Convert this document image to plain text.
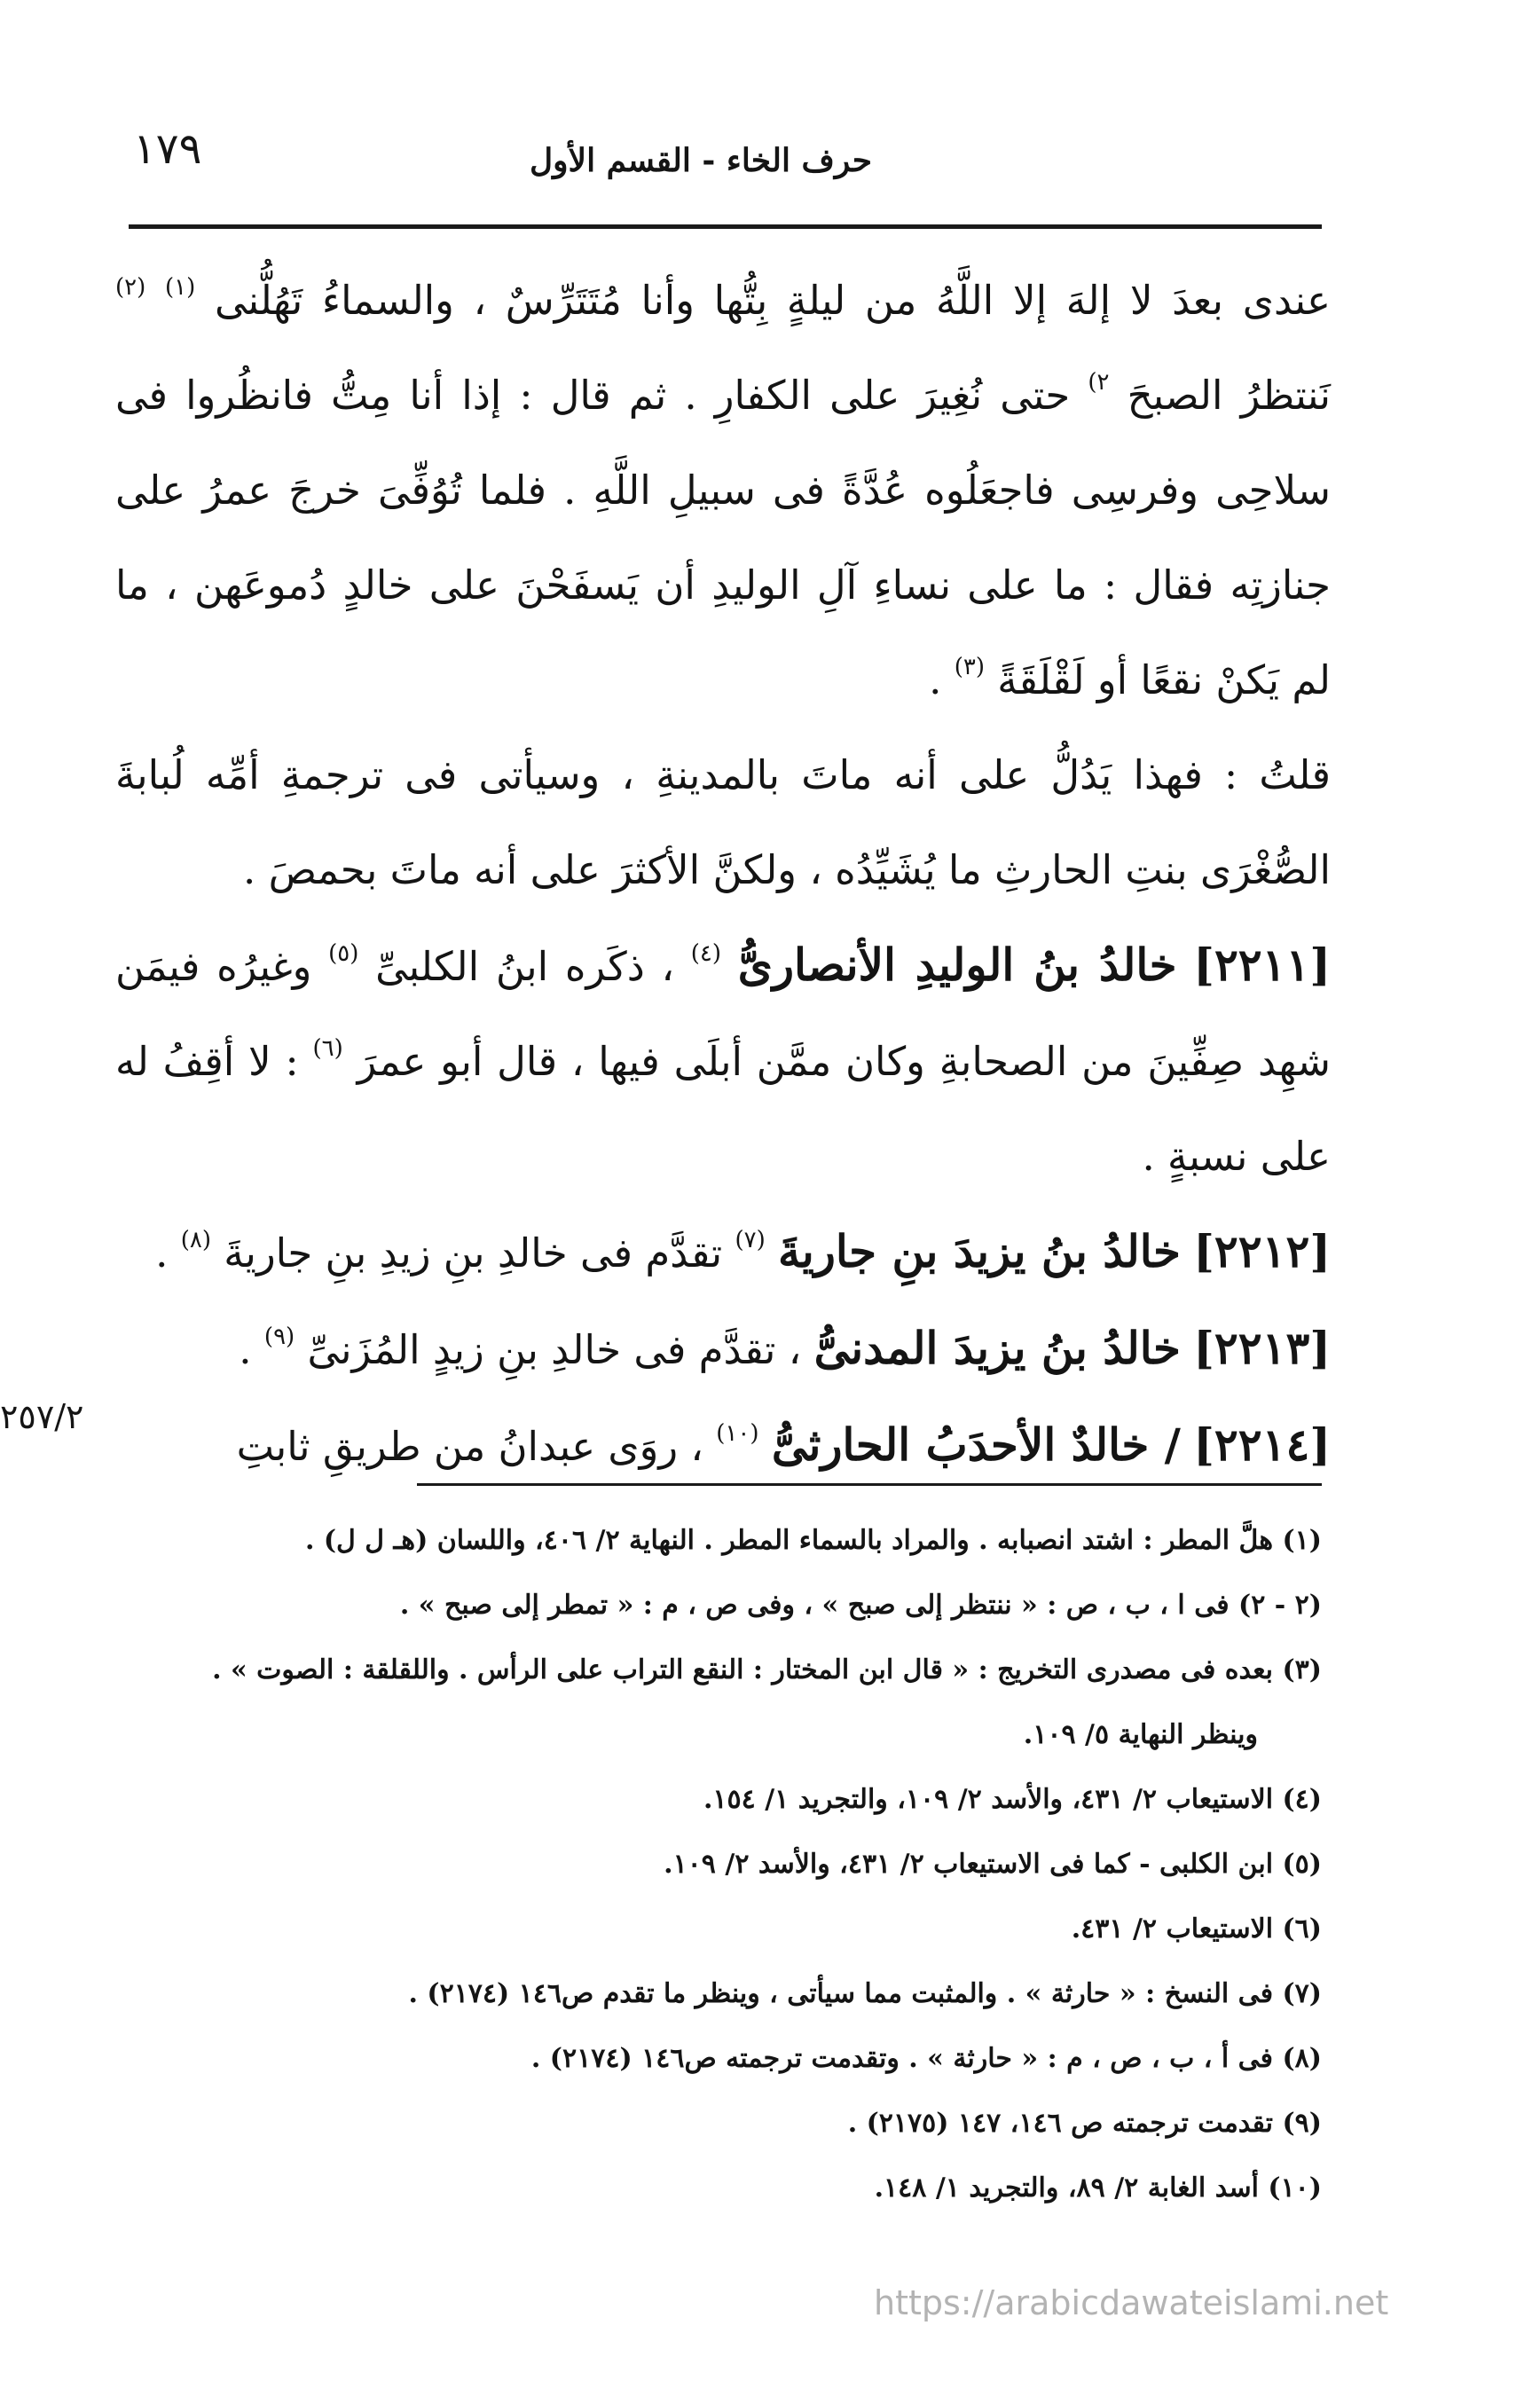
١٧٩	حرف الخاء - القسم الأول

عندى بعدَ لا إلهَ إلا اللَّهُ من ليلةٍ بِتُّها وأنا مُتَتَرِّسٌ ، والسماءُ تَهُلُّنى $^{(١)}$ $^{(٢)}$ نَنتظرُ الصبحَ $^{٢)}$ حتى نُغِيرَ على الكفارِ . ثم قال : إذا أنا مِتُّ فانظُروا فى سلاحِى وفرسِى فاجعَلُوه عُدَّةً فى سبيلِ اللَّهِ . فلما تُوُفِّىَ خرجَ عمرُ على جنازتِه فقال : ما على نساءِ آلِ الوليدِ أن يَسفَحْنَ على خالدٍ دُموعَهن ، ما لم يَكنْ نقعًا أو لَقْلَقَةً $^{(٣)}$ .

قلتُ : فهذا يَدُلُّ على أنه ماتَ بالمدينةِ ، وسيأتى فى ترجمةِ أمِّه لُبابةَ الصُّغْرَى بنتِ الحارثِ ما يُشَيِّدُه ، ولكنَّ الأكثرَ على أنه ماتَ بحمصَ .

[٢٢١١] خالدُ بنُ الوليدِ الأنصارىُّ $^{(٤)}$ ، ذكَره ابنُ الكلبىِّ $^{(٥)}$ وغيرُه فيمَن شهِد صِفِّينَ من الصحابةِ وكان ممَّن أبلَى فيها ، قال أبو عمرَ $^{(٦)}$ : لا أقِفُ له على نسبةٍ .

[٢٢١٢] خالدُ بنُ يزيدَ بنِ جاريةَ $^{(٧)}$ تقدَّم فى خالدِ بنِ زيدِ بنِ جاريةَ $^{(٨)}$ .

[٢٢١٣] خالدُ بنُ يزيدَ المدنىُّ ، تقدَّم فى خالدِ بنِ زيدٍ المُزَنىِّ $^{(٩)}$ .

[٢٢١٤] / خالدٌ الأحدَبُ الحارثىُّ $^{(١٠)}$ ، روَى عبدانُ من طريقِ ثابتِ

٢٥٧/٢

(١) هلَّ المطر : اشتد انصبابه . والمراد بالسماء المطر . النهاية ٢/ ٤٠٦، واللسان (هـ ل ل) .

(٢ - ٢) فى ا ، ب ، ص : « ننتظر إلى صبح » ، وفى ص ، م : « تمطر إلى صبح » .

(٣) بعده فى مصدرى التخريج : « قال ابن المختار : النقع التراب على الرأس . واللقلقة : الصوت » .

وينظر النهاية ٥/ ١٠٩.

(٤) الاستيعاب ٢/ ٤٣١، والأسد ٢/ ١٠٩، والتجريد ١/ ١٥٤.

(٥) ابن الكلبى - كما فى الاستيعاب ٢/ ٤٣١، والأسد ٢/ ١٠٩.

(٦) الاستيعاب ٢/ ٤٣١.

(٧) فى النسخ : « حارثة » . والمثبت مما سيأتى ، وينظر ما تقدم ص١٤٦ (٢١٧٤) .

(٨) فى أ ، ب ، ص ، م : « حارثة » . وتقدمت ترجمته ص١٤٦ (٢١٧٤) .

(٩) تقدمت ترجمته ص ١٤٦، ١٤٧ (٢١٧٥) .

(١٠) أسد الغابة ٢/ ٨٩، والتجريد ١/ ١٤٨.

https://arabicdawateislami.net
